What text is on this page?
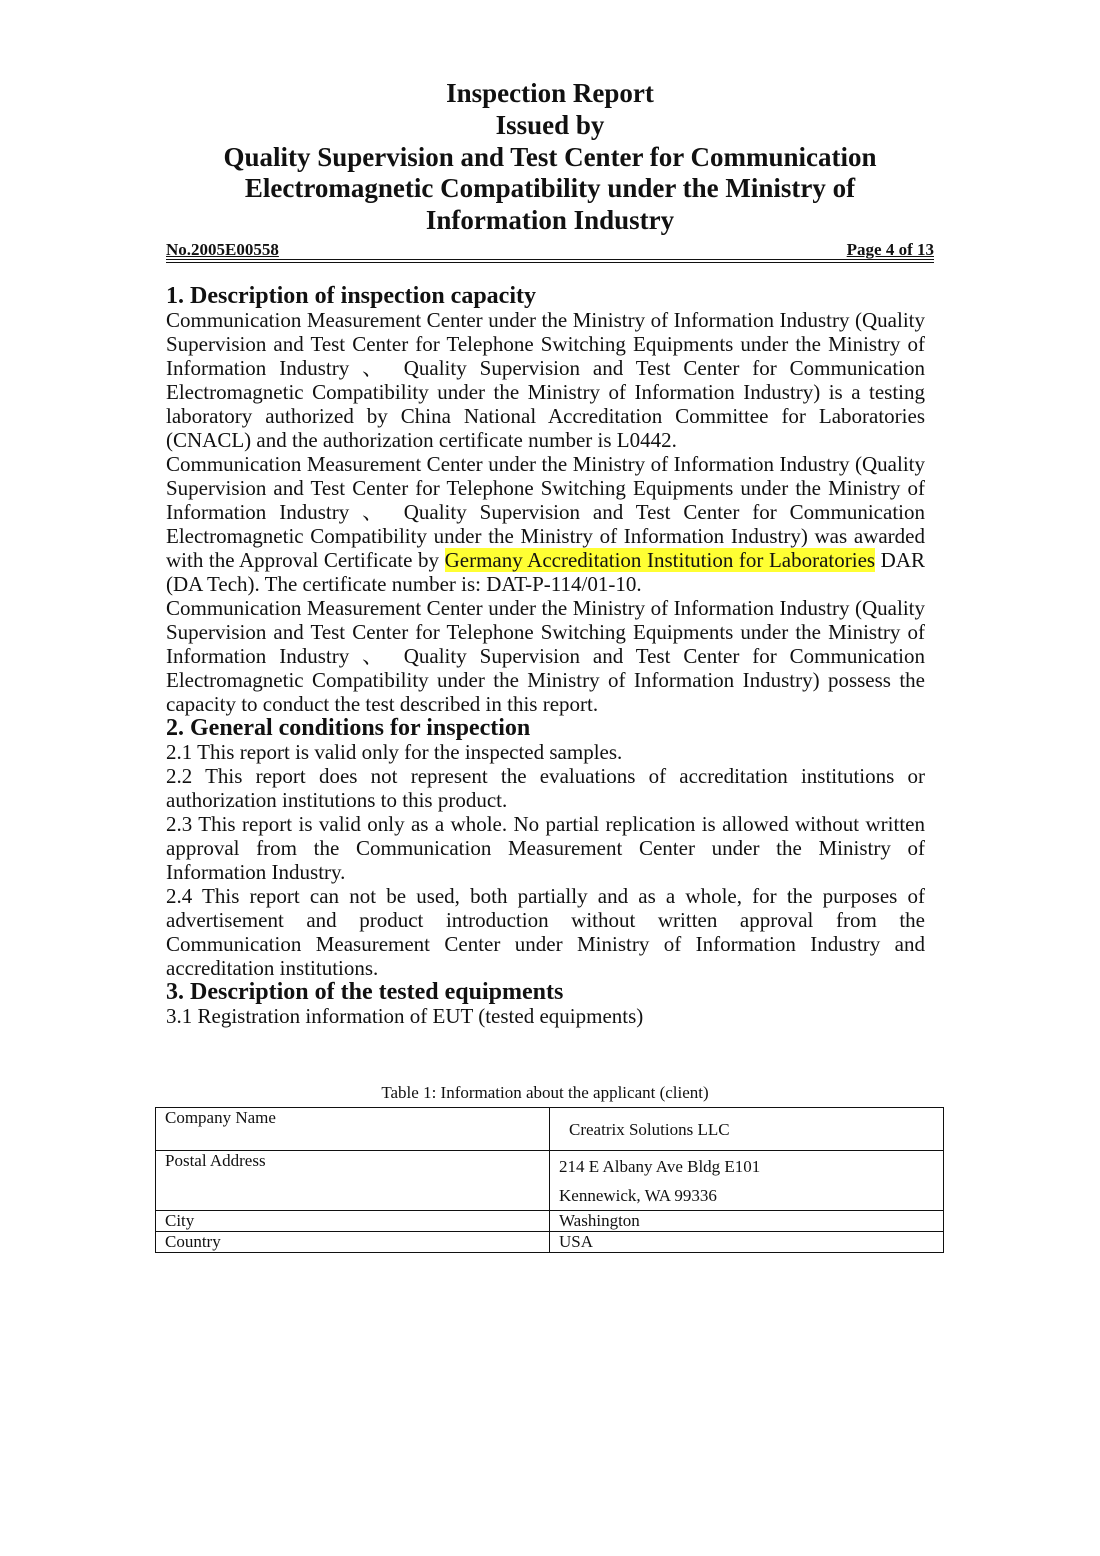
Inspection Report
Issued by
Quality Supervision and Test Center for Communication
Electromagnetic Compatibility under the Ministry of
Information Industry
No.2005E00558	Page 4 of 13
1. Description of inspection capacity

Communication Measurement Center under the Ministry of Information Industry (Quality Supervision and Test Center for Telephone Switching Equipments under the Ministry of Information Industry 、 Quality Supervision and Test Center for Communication Electromagnetic Compatibility under the Ministry of Information Industry) is a testing laboratory authorized by China National Accreditation Committee for Laboratories (CNACL) and the authorization certificate number is L0442.

Communication Measurement Center under the Ministry of Information Industry (Quality Supervision and Test Center for Telephone Switching Equipments under the Ministry of Information Industry 、 Quality Supervision and Test Center for Communication Electromagnetic Compatibility under the Ministry of Information Industry) was awarded with the Approval Certificate by Germany Accreditation Institution for Laboratories DAR (DA Tech). The certificate number is: DAT-P-114/01-10.

Communication Measurement Center under the Ministry of Information Industry (Quality Supervision and Test Center for Telephone Switching Equipments under the Ministry of Information Industry 、 Quality Supervision and Test Center for Communication Electromagnetic Compatibility under the Ministry of Information Industry) possess the capacity to conduct the test described in this report.

2. General conditions for inspection

2.1 This report is valid only for the inspected samples.

2.2 This report does not represent the evaluations of accreditation institutions or authorization institutions to this product.

2.3 This report is valid only as a whole. No partial replication is allowed without written approval from the Communication Measurement Center under the Ministry of Information Industry.

2.4 This report can not be used, both partially and as a whole, for the purposes of advertisement and product introduction without written approval from the Communication Measurement Center under Ministry of Information Industry and accreditation institutions.

3. Description of the tested equipments

3.1 Registration information of EUT (tested equipments)

Table 1: Information about the applicant (client)
Company Name	Creatrix Solutions LLC

Postal Address	214 E Albany Ave Bldg E101
Kennewick, WA 99336

City	Washington
Country	USA
